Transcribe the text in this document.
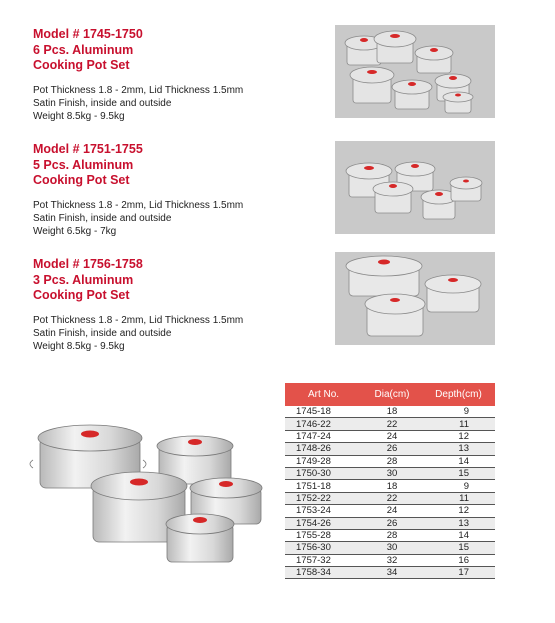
Model # 1745-1750
6 Pcs. Aluminum
Cooking Pot Set
Pot Thickness 1.8 - 2mm, Lid Thickness 1.5mm
Satin Finish, inside and outside
Weight 8.5kg - 9.5kg
Model # 1751-1755
5 Pcs. Aluminum
Cooking Pot Set
Pot Thickness 1.8 - 2mm, Lid Thickness 1.5mm
Satin Finish, inside and outside
Weight 6.5kg - 7kg
Model # 1756-1758
3 Pcs. Aluminum
Cooking Pot Set
Pot Thickness 1.8 - 2mm, Lid Thickness 1.5mm
Satin Finish, inside and outside
Weight 8.5kg - 9.5kg
Art No.	Dia(cm)	Depth(cm)
1745-18	18	9
1746-22	22	11
1747-24	24	12
1748-26	26	13
1749-28	28	14
1750-30	30	15
1751-18	18	9
1752-22	22	11
1753-24	24	12
1754-26	26	13
1755-28	28	14
1756-30	30	15
1757-32	32	16
1758-34	34	17
